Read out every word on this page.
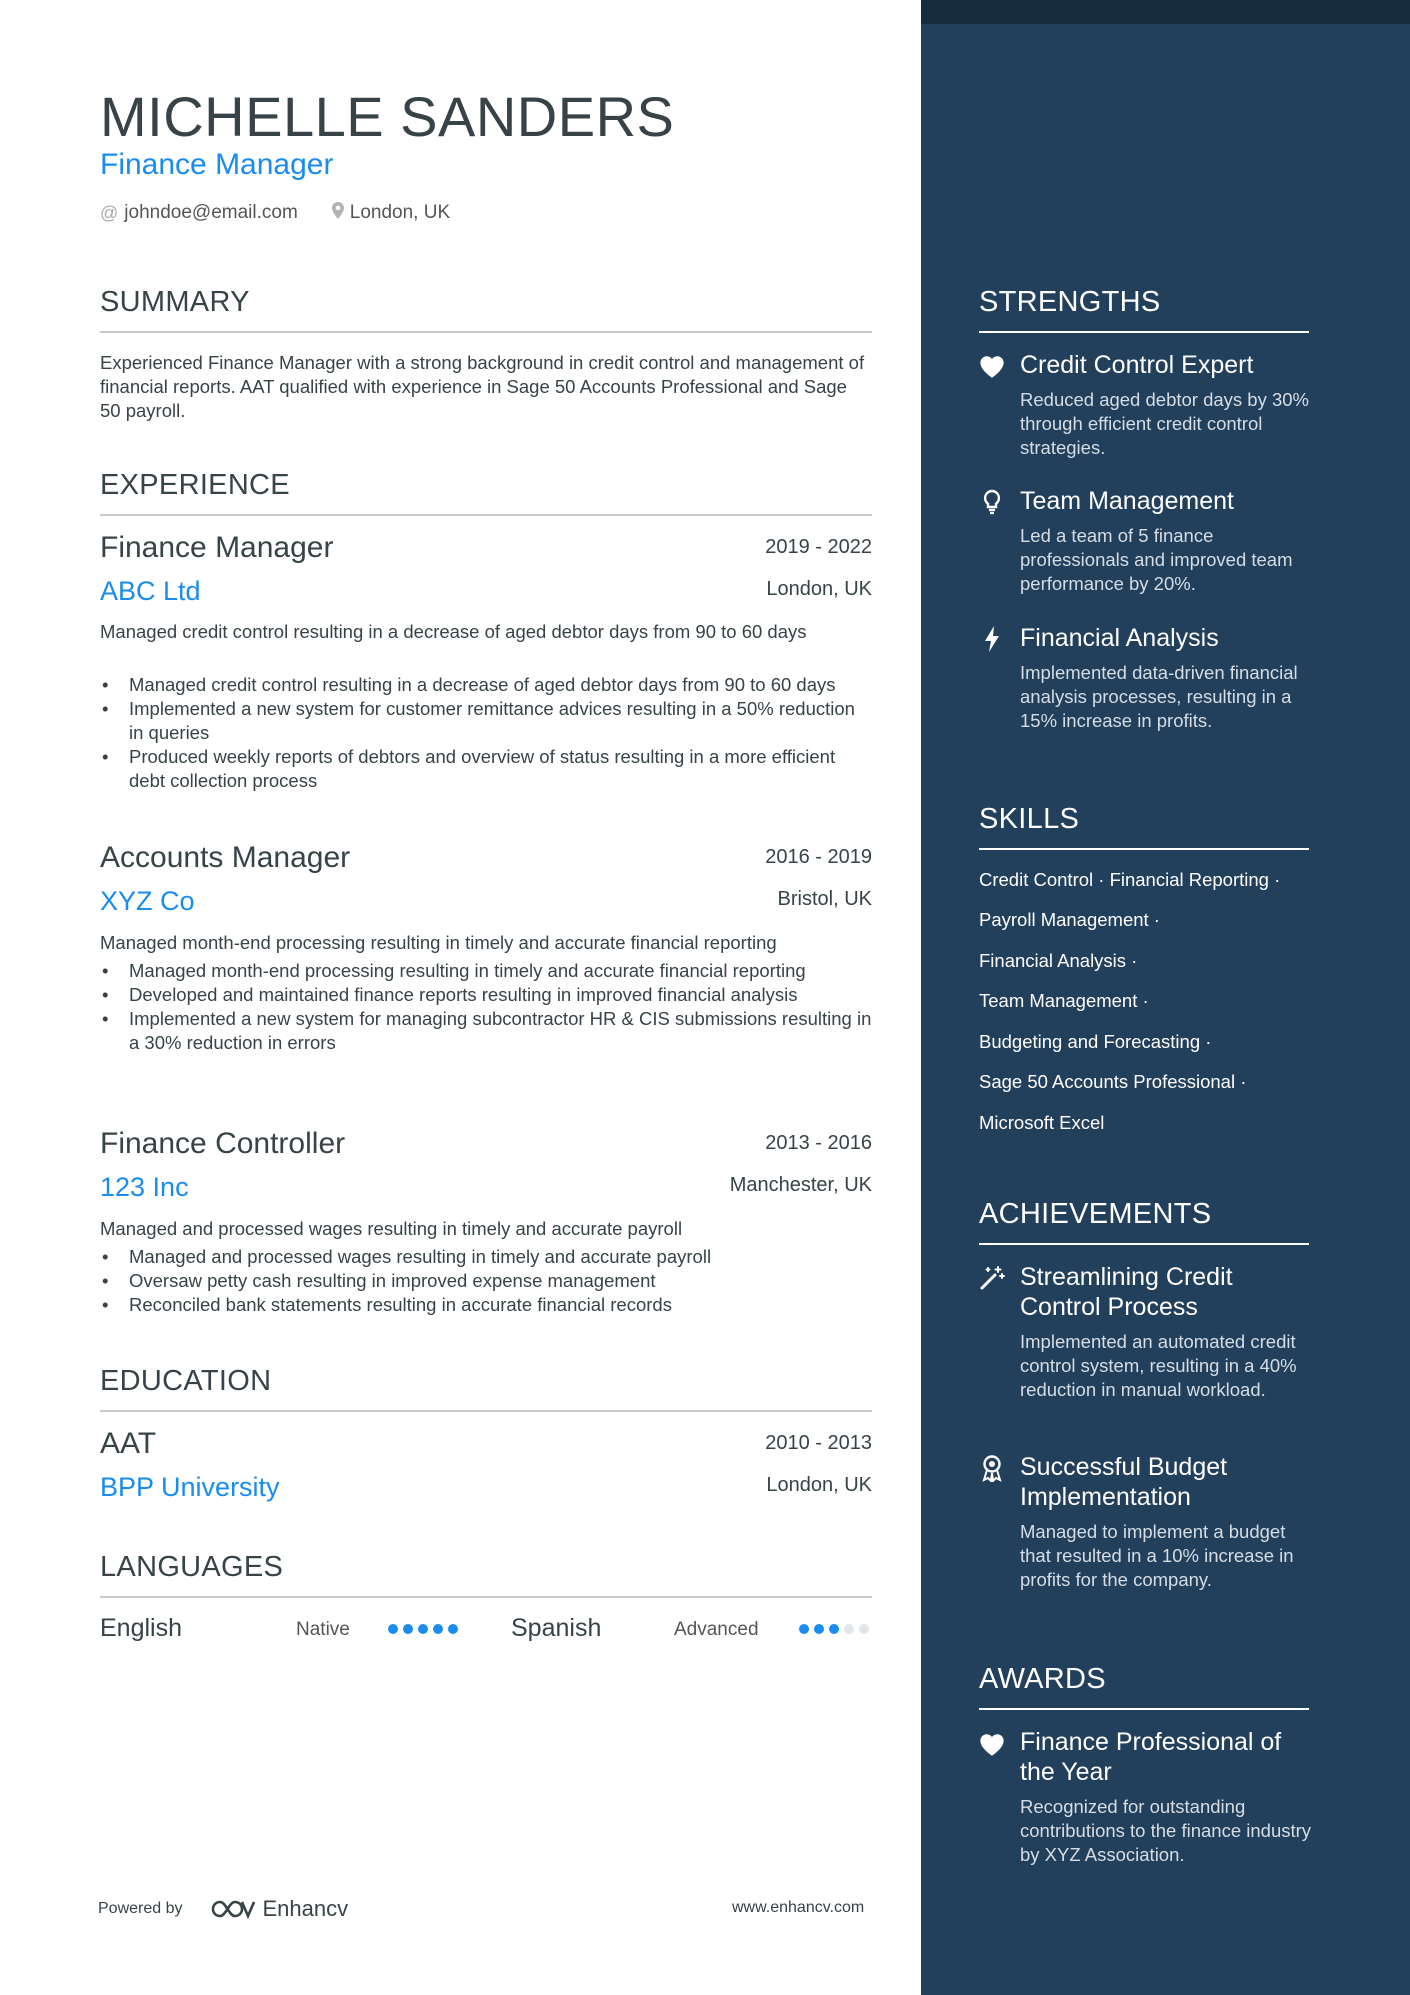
MICHELLE SANDERS
Finance Manager
@ johndoe@email.com	London, UK
SUMMARY
Experienced Finance Manager with a strong background in credit control and management of financial reports. AAT qualified with experience in Sage 50 Accounts Professional and Sage 50 payroll.
EXPERIENCE
Finance Manager	2019 - 2022
ABC Ltd	London, UK
Managed credit control resulting in a decrease of aged debtor days from 90 to 60 days
• Managed credit control resulting in a decrease of aged debtor days from 90 to 60 days
• Implemented a new system for customer remittance advices resulting in a 50% reduction in queries
• Produced weekly reports of debtors and overview of status resulting in a more efficient debt collection process
Accounts Manager	2016 - 2019
XYZ Co	Bristol, UK
Managed month-end processing resulting in timely and accurate financial reporting
• Managed month-end processing resulting in timely and accurate financial reporting
• Developed and maintained finance reports resulting in improved financial analysis
• Implemented a new system for managing subcontractor HR & CIS submissions resulting in a 30% reduction in errors
Finance Controller	2013 - 2016
123 Inc	Manchester, UK
Managed and processed wages resulting in timely and accurate payroll
• Managed and processed wages resulting in timely and accurate payroll
• Oversaw petty cash resulting in improved expense management
• Reconciled bank statements resulting in accurate financial records
EDUCATION
AAT	2010 - 2013
BPP University	London, UK
LANGUAGES
English	Native	Spanish	Advanced
Powered by	Enhancv	www.enhancv.com
STRENGTHS
Credit Control Expert
Reduced aged debtor days by 30% through efficient credit control strategies.
Team Management
Led a team of 5 finance professionals and improved team performance by 20%.
Financial Analysis
Implemented data-driven financial analysis processes, resulting in a 15% increase in profits.
SKILLS
Credit Control · Financial Reporting ·
Payroll Management ·
Financial Analysis ·
Team Management ·
Budgeting and Forecasting ·
Sage 50 Accounts Professional ·
Microsoft Excel
ACHIEVEMENTS
Streamlining Credit Control Process
Implemented an automated credit control system, resulting in a 40% reduction in manual workload.
Successful Budget Implementation
Managed to implement a budget that resulted in a 10% increase in profits for the company.
AWARDS
Finance Professional of the Year
Recognized for outstanding contributions to the finance industry by XYZ Association.
